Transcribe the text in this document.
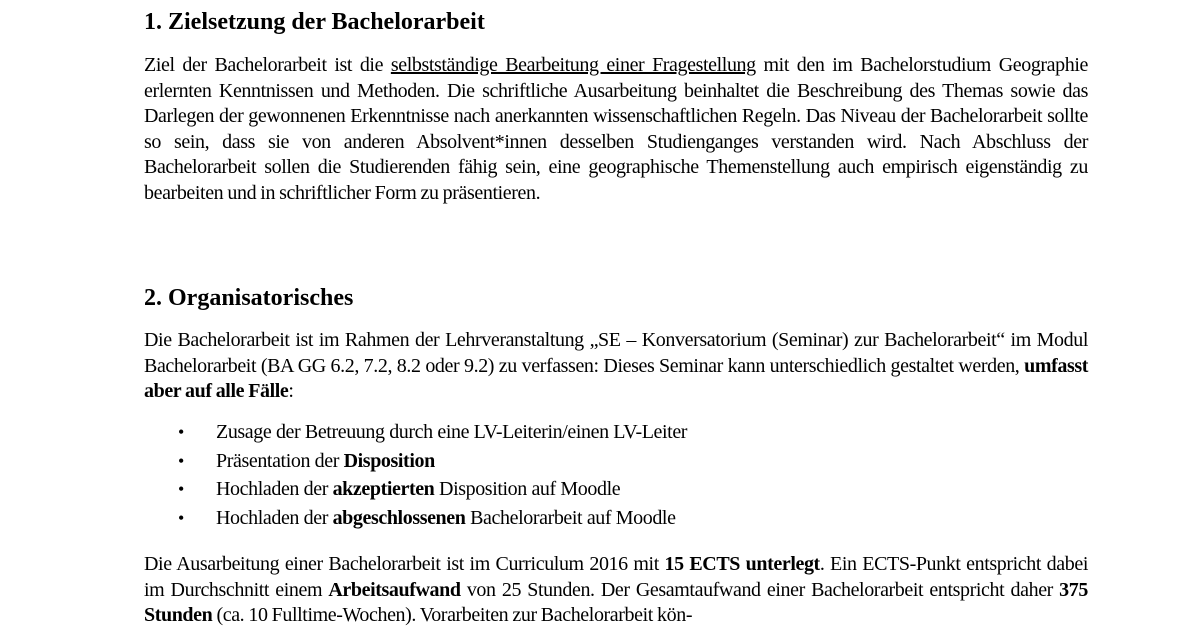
1. Zielsetzung der Bachelorarbeit

Ziel der Bachelorarbeit ist die selbstständige Bearbeitung einer Fragestellung mit den im Bachelorstudium Geographie erlernten Kenntnissen und Methoden. Die schriftliche Ausarbeitung beinhaltet die Beschreibung des Themas sowie das Darlegen der gewonnenen Erkenntnisse nach anerkannten wissenschaftlichen Regeln. Das Niveau der Bachelorarbeit sollte so sein, dass sie von anderen Absolvent*innen desselben Studienganges verstanden wird. Nach Abschluss der Bachelorarbeit sollen die Studierenden fähig sein, eine geographische Themenstellung auch empirisch eigenständig zu bearbeiten und in schriftlicher Form zu präsentieren.

2. Organisatorisches

Die Bachelorarbeit ist im Rahmen der Lehrveranstaltung „SE – Konversatorium (Seminar) zur Bachelorarbeit“ im Modul Bachelorarbeit (BA GG 6.2, 7.2, 8.2 oder 9.2) zu verfassen: Dieses Seminar kann unterschiedlich gestaltet werden, umfasst aber auf alle Fälle:

• Zusage der Betreuung durch eine LV-Leiterin/einen LV-Leiter
• Präsentation der Disposition
• Hochladen der akzeptierten Disposition auf Moodle
• Hochladen der abgeschlossenen Bachelorarbeit auf Moodle

Die Ausarbeitung einer Bachelorarbeit ist im Curriculum 2016 mit 15 ECTS unterlegt. Ein ECTS-Punkt entspricht dabei im Durchschnitt einem Arbeitsaufwand von 25 Stunden. Der Gesamtaufwand einer Bachelorarbeit entspricht daher 375 Stunden (ca. 10 Fulltime-Wochen). Vorarbeiten zur Bachelorarbeit kön-
